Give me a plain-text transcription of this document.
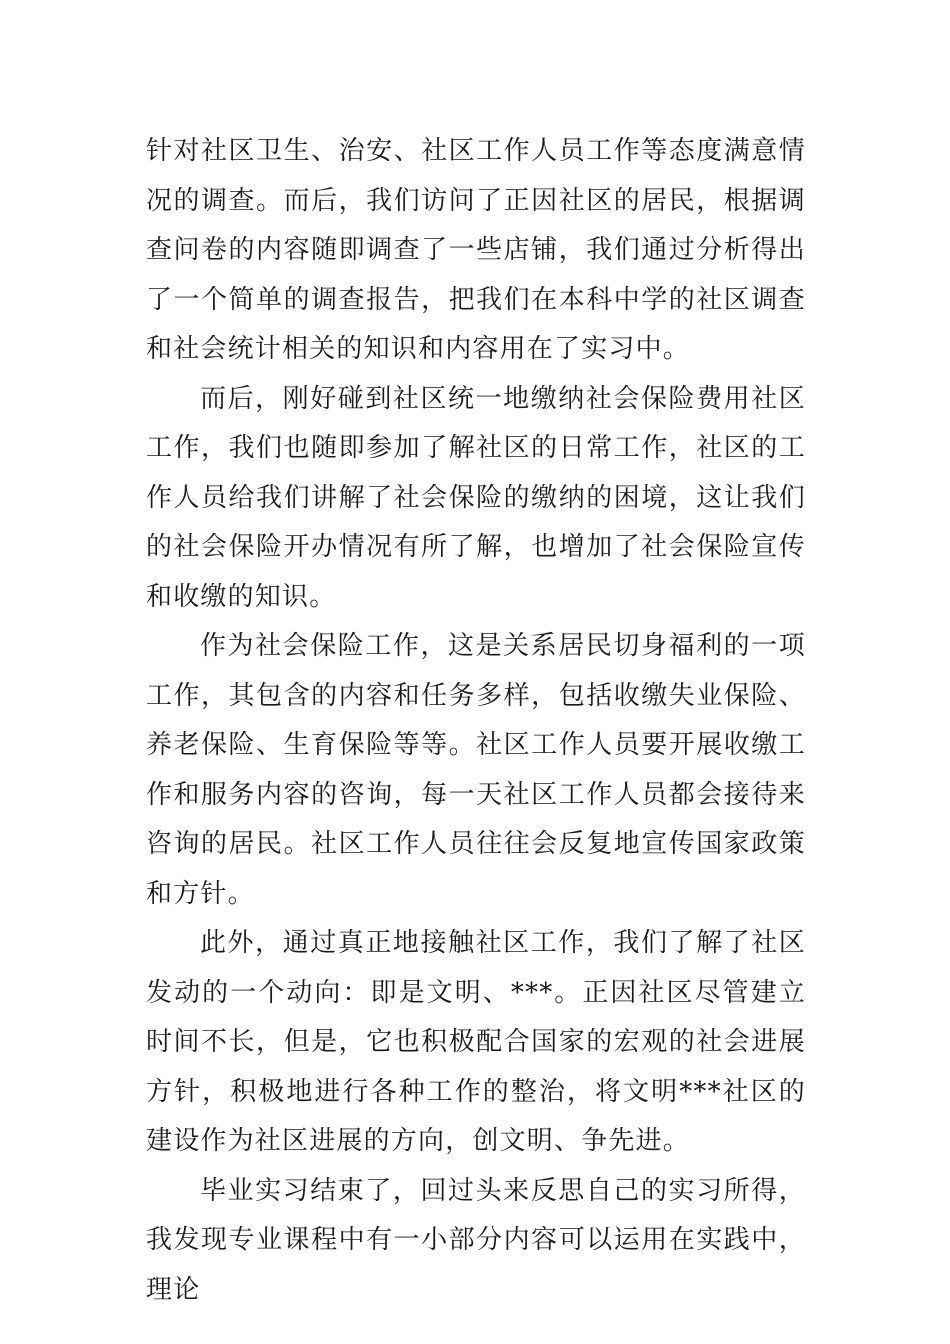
针对社区卫生、治安、社区工作人员工作等态度满意情况的调查。而后，我们访问了正因社区的居民，根据调查问卷的内容随即调查了一些店铺，我们通过分析得出了一个简单的调查报告，把我们在本科中学的社区调查和社会统计相关的知识和内容用在了实习中。

而后，刚好碰到社区统一地缴纳社会保险费用社区工作，我们也随即参加了解社区的日常工作，社区的工作人员给我们讲解了社会保险的缴纳的困境，这让我们的社会保险开办情况有所了解，也增加了社会保险宣传和收缴的知识。

作为社会保险工作，这是关系居民切身福利的一项工作，其包含的内容和任务多样，包括收缴失业保险、养老保险、生育保险等等。社区工作人员要开展收缴工作和服务内容的咨询，每一天社区工作人员都会接待来咨询的居民。社区工作人员往往会反复地宣传国家政策和方针。

此外，通过真正地接触社区工作，我们了解了社区发动的一个动向：即是文明、***。正因社区尽管建立时间不长，但是，它也积极配合国家的宏观的社会进展方针，积极地进行各种工作的整治，将文明***社区的建设作为社区进展的方向，创文明、争先进。

毕业实习结束了，回过头来反思自己的实习所得，我发现专业课程中有一小部分内容可以运用在实践中，理论
